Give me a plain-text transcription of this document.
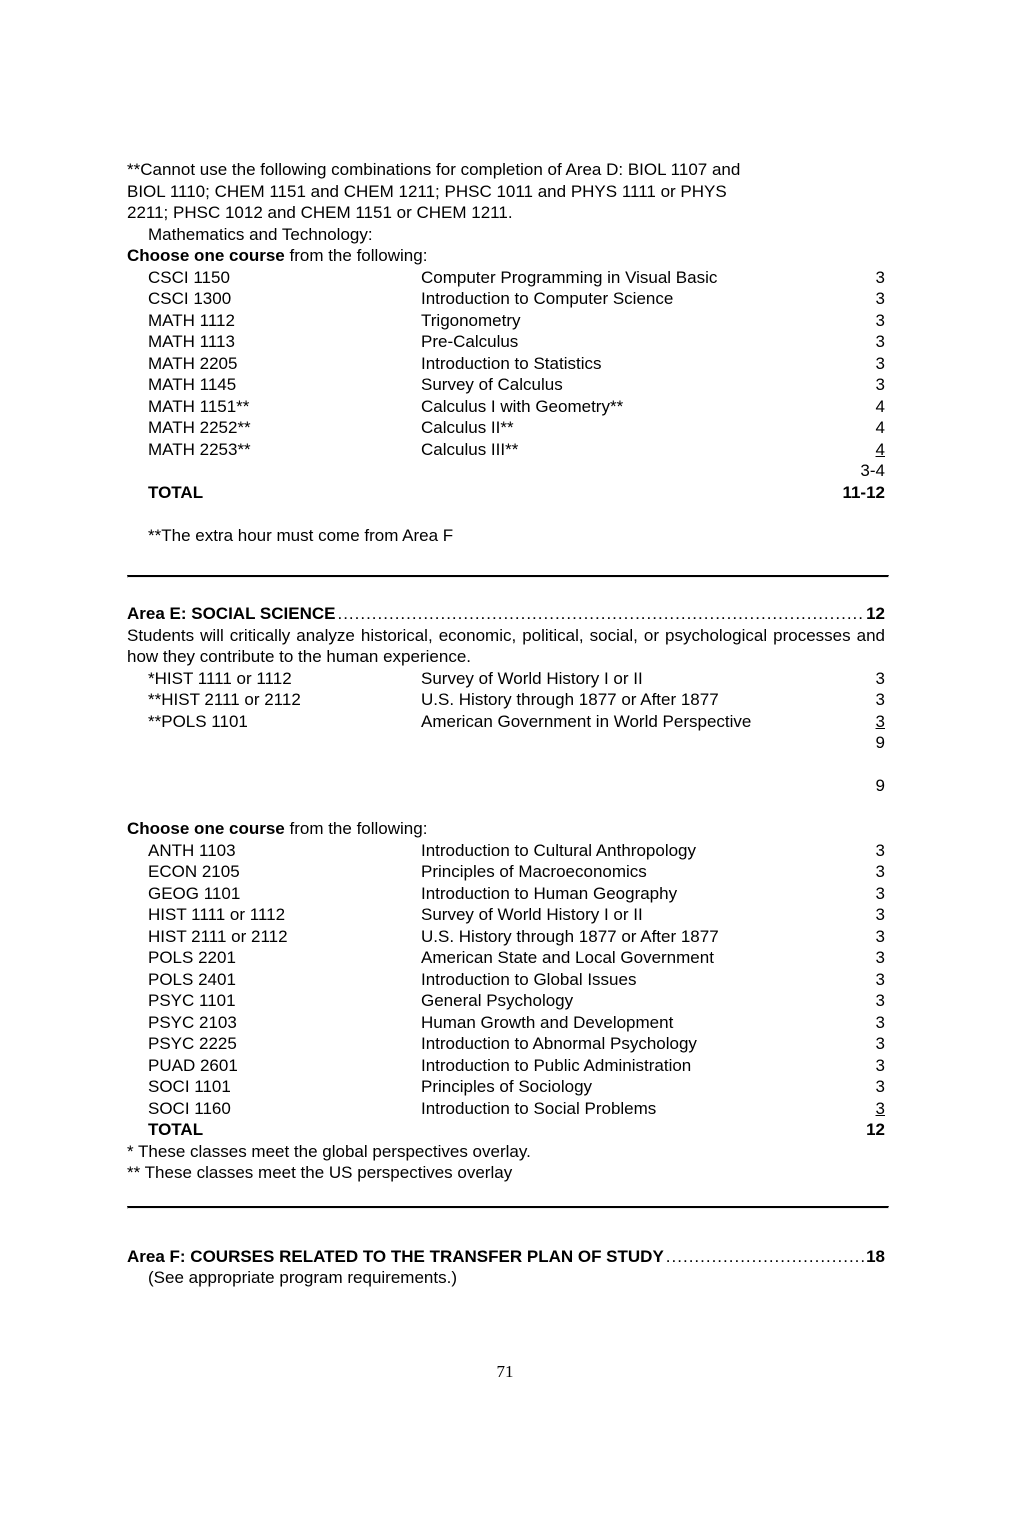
**Cannot use the following combinations for completion of Area D: BIOL 1107 and
BIOL 1110; CHEM 1151 and CHEM 1211; PHSC 1011 and PHYS 1111 or PHYS
2211; PHSC 1012 and CHEM 1151 or CHEM 1211.
Mathematics and Technology:
Choose one course from the following:
CSCI 1150	Computer Programming in Visual Basic	3
CSCI 1300	Introduction to Computer Science	3
MATH 1112	Trigonometry	3
MATH 1113	Pre-Calculus	3
MATH 2205	Introduction to Statistics	3
MATH 1145	Survey of Calculus	3
MATH 1151**	Calculus I with Geometry**	4
MATH 2252**	Calculus II**	4
MATH 2253**	Calculus III**	4
3-4
TOTAL	11-12
**The extra hour must come from Area F
Area E: SOCIAL SCIENCE .....	12
Students will critically analyze historical, economic, political, social, or psychological processes and how they contribute to the human experience.
*HIST 1111 or 1112	Survey of World History I or II	3
**HIST 2111 or 2112	U.S. History through 1877 or After 1877	3
**POLS 1101	American Government in World Perspective	3
9
9
Choose one course from the following:
ANTH 1103	Introduction to Cultural Anthropology	3
ECON 2105	Principles of Macroeconomics	3
GEOG 1101	Introduction to Human Geography	3
HIST 1111 or 1112	Survey of World History I or II	3
HIST 2111 or 2112	U.S. History through 1877 or After 1877	3
POLS 2201	American State and Local Government	3
POLS 2401	Introduction to Global Issues	3
PSYC 1101	General Psychology	3
PSYC 2103	Human Growth and Development	3
PSYC 2225	Introduction to Abnormal Psychology	3
PUAD 2601	Introduction to Public Administration	3
SOCI 1101	Principles of Sociology	3
SOCI 1160	Introduction to Social Problems	3
TOTAL	12
* These classes meet the global perspectives overlay.
** These classes meet the US perspectives overlay
Area F: COURSES RELATED TO THE TRANSFER PLAN OF STUDY .....	18
(See appropriate program requirements.)
71
